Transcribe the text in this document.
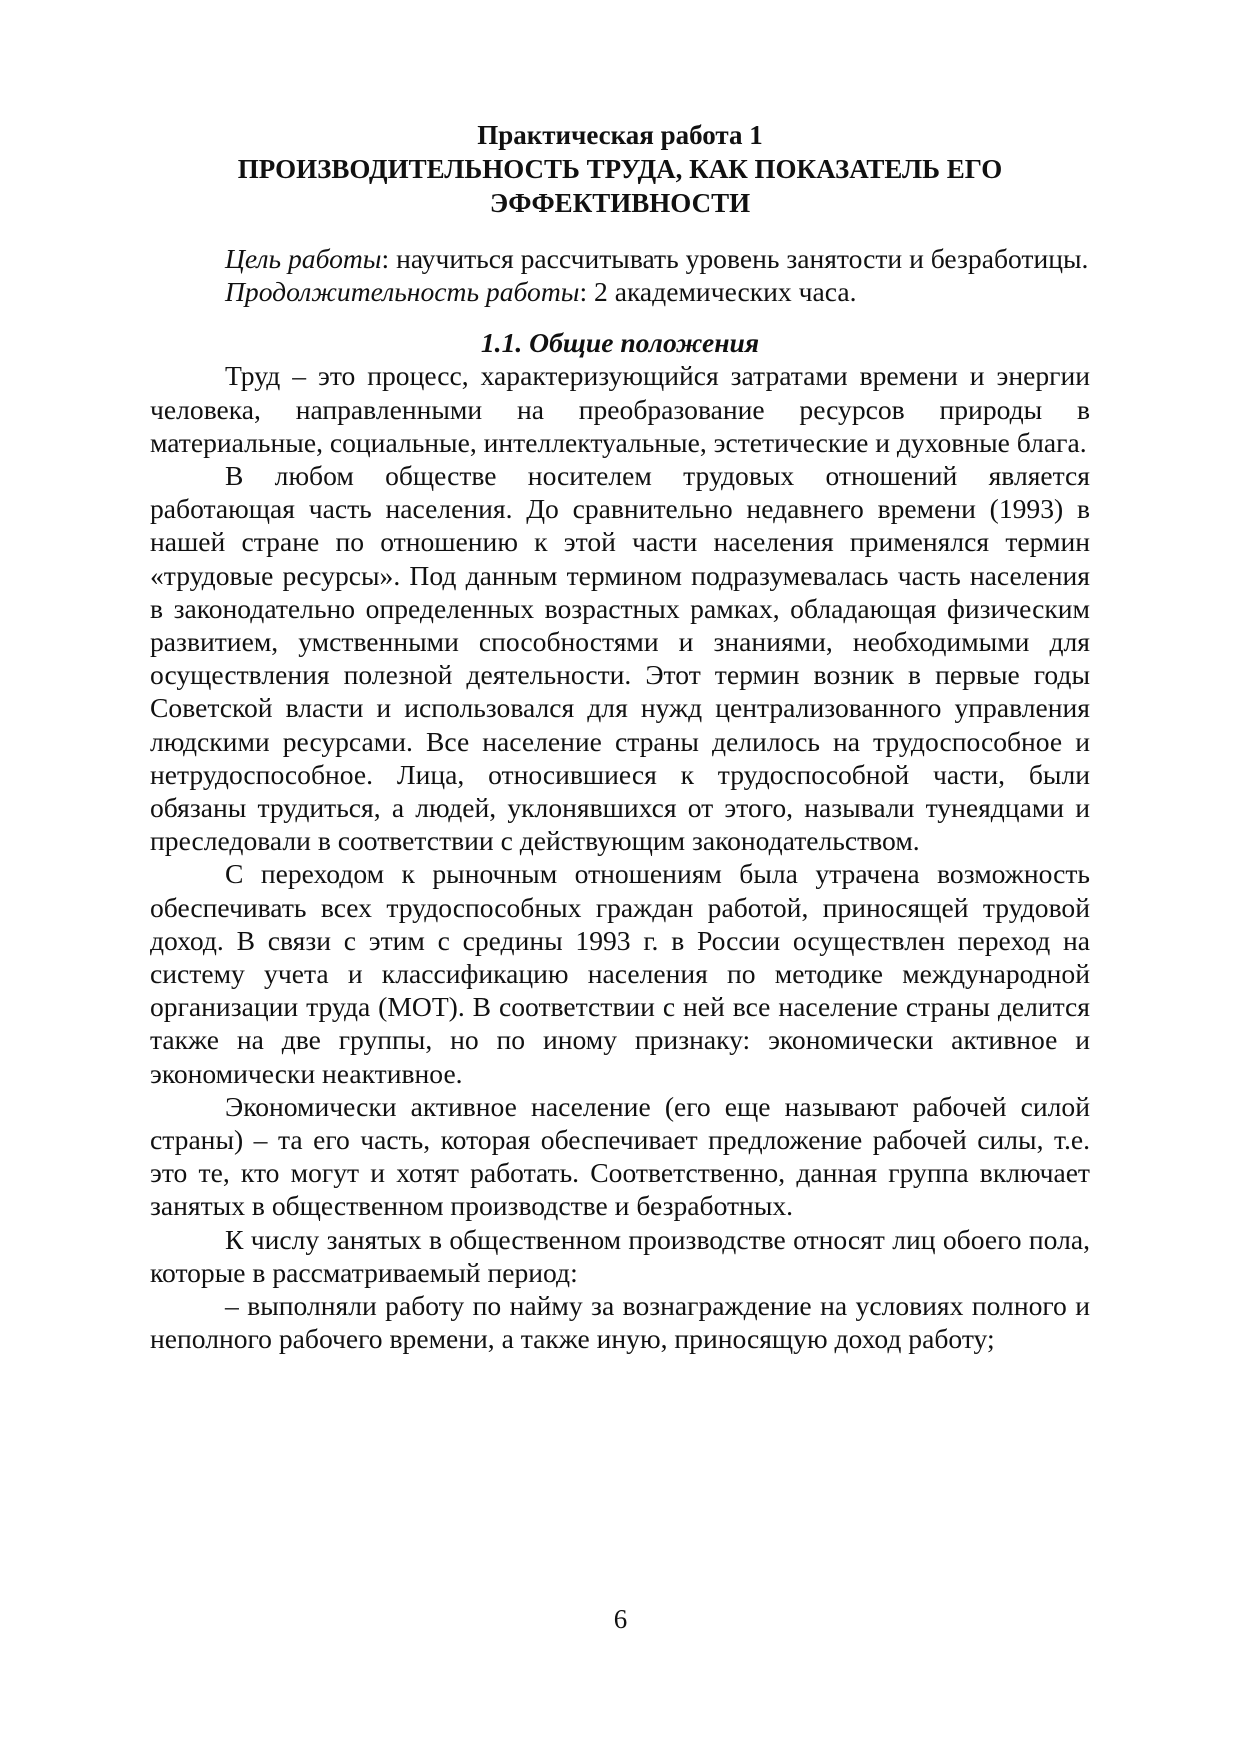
Практическая работа 1
ПРОИЗВОДИТЕЛЬНОСТЬ ТРУДА, КАК ПОКАЗАТЕЛЬ ЕГО
ЭФФЕКТИВНОСТИ

Цель работы: научиться рассчитывать уровень занятости и безработицы.

Продолжительность работы: 2 академических часа.

1.1. Общие положения

Труд – это процесс, характеризующийся затратами времени и энергии человека, направленными на преобразование ресурсов природы в материальные, социальные, интеллектуальные, эстетические и духовные блага.

В любом обществе носителем трудовых отношений является работающая часть населения. До сравнительно недавнего времени (1993) в нашей стране по отношению к этой части населения применялся термин «трудовые ресурсы». Под данным термином подразумевалась часть населения в законодательно определенных возрастных рамках, обладающая физическим развитием, умственными способностями и знаниями, необходимыми для осуществления полезной деятельности. Этот термин возник в первые годы Советской власти и использовался для нужд централизованного управления людскими ресурсами. Все население страны делилось на трудоспособное и нетрудоспособное. Лица, относившиеся к трудоспособной части, были обязаны трудиться, а людей, уклонявшихся от этого, называли тунеядцами и преследовали в соответствии с действующим законодательством.

С переходом к рыночным отношениям была утрачена возможность обеспечивать всех трудоспособных граждан работой, приносящей трудовой доход. В связи с этим с средины 1993 г. в России осуществлен переход на систему учета и классификацию населения по методике международной организации труда (МОТ). В соответствии с ней все население страны делится также на две группы, но по иному признаку: экономически активное и экономически неактивное.

Экономически активное население (его еще называют рабочей силой страны) – та его часть, которая обеспечивает предложение рабочей силы, т.е. это те, кто могут и хотят работать. Соответственно, данная группа включает занятых в общественном производстве и безработных.

К числу занятых в общественном производстве относят лиц обоего пола, которые в рассматриваемый период:

– выполняли работу по найму за вознаграждение на условиях полного и неполного рабочего времени, а также иную, приносящую доход работу;

6
